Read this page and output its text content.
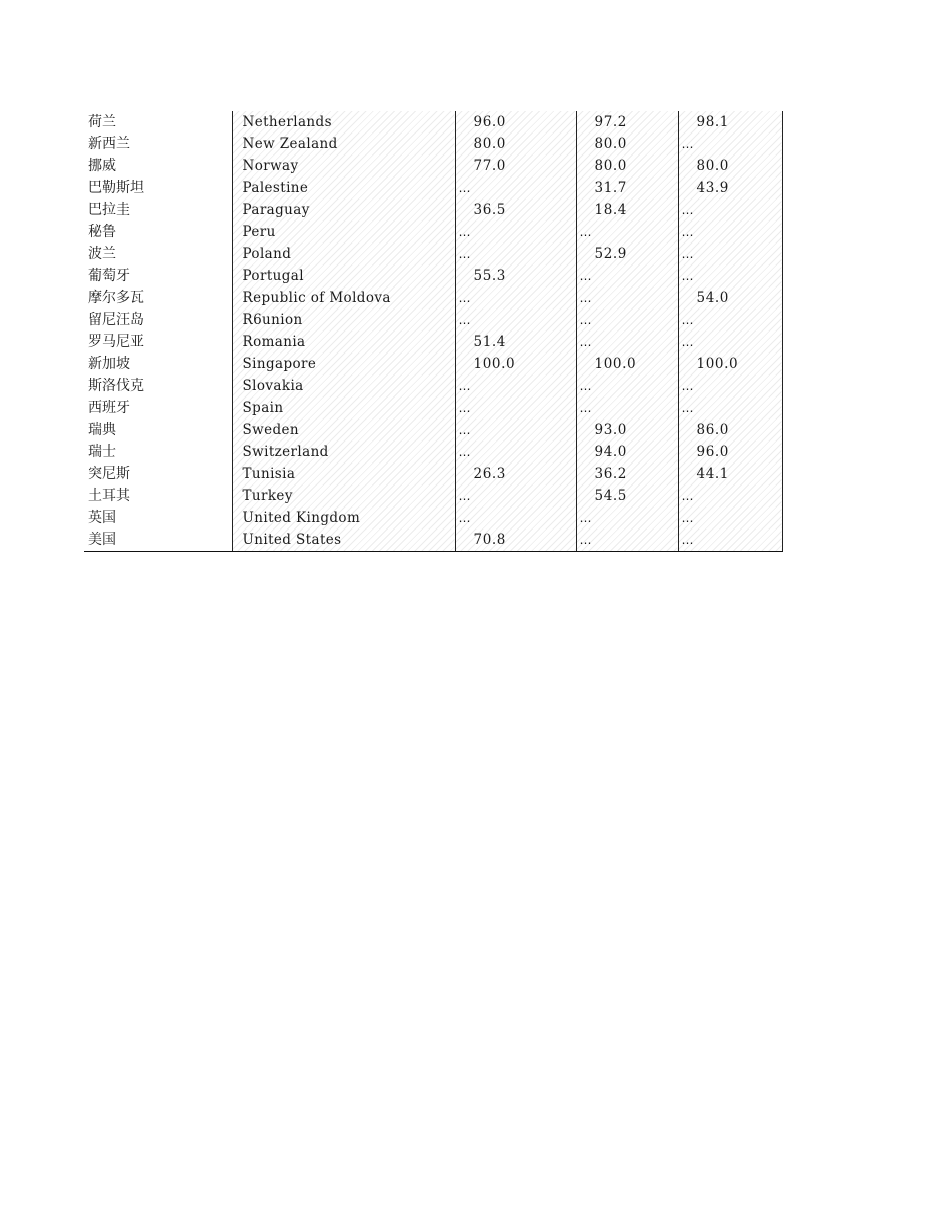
荷兰	Netherlands	96.0	97.2	98.1
新西兰	New Zealand	80.0	80.0	…
挪威	Norway	77.0	80.0	80.0
巴勒斯坦	Palestine	…	31.7	43.9
巴拉圭	Paraguay	36.5	18.4	…
秘鲁	Peru	…	…	…
波兰	Poland	…	52.9	…
葡萄牙	Portugal	55.3	…	…
摩尔多瓦	Republic of Moldova	…	…	54.0
留尼汪岛	R6union	…	…	…
罗马尼亚	Romania	51.4	…	…
新加坡	Singapore	100.0	100.0	100.0
斯洛伐克	Slovakia	…	…	…
西班牙	Spain	…	…	…
瑞典	Sweden	…	93.0	86.0
瑞士	Switzerland	…	94.0	96.0
突尼斯	Tunisia	26.3	36.2	44.1
土耳其	Turkey	…	54.5	…
英国	United Kingdom	…	…	…
美国	United States	70.8	…	…
